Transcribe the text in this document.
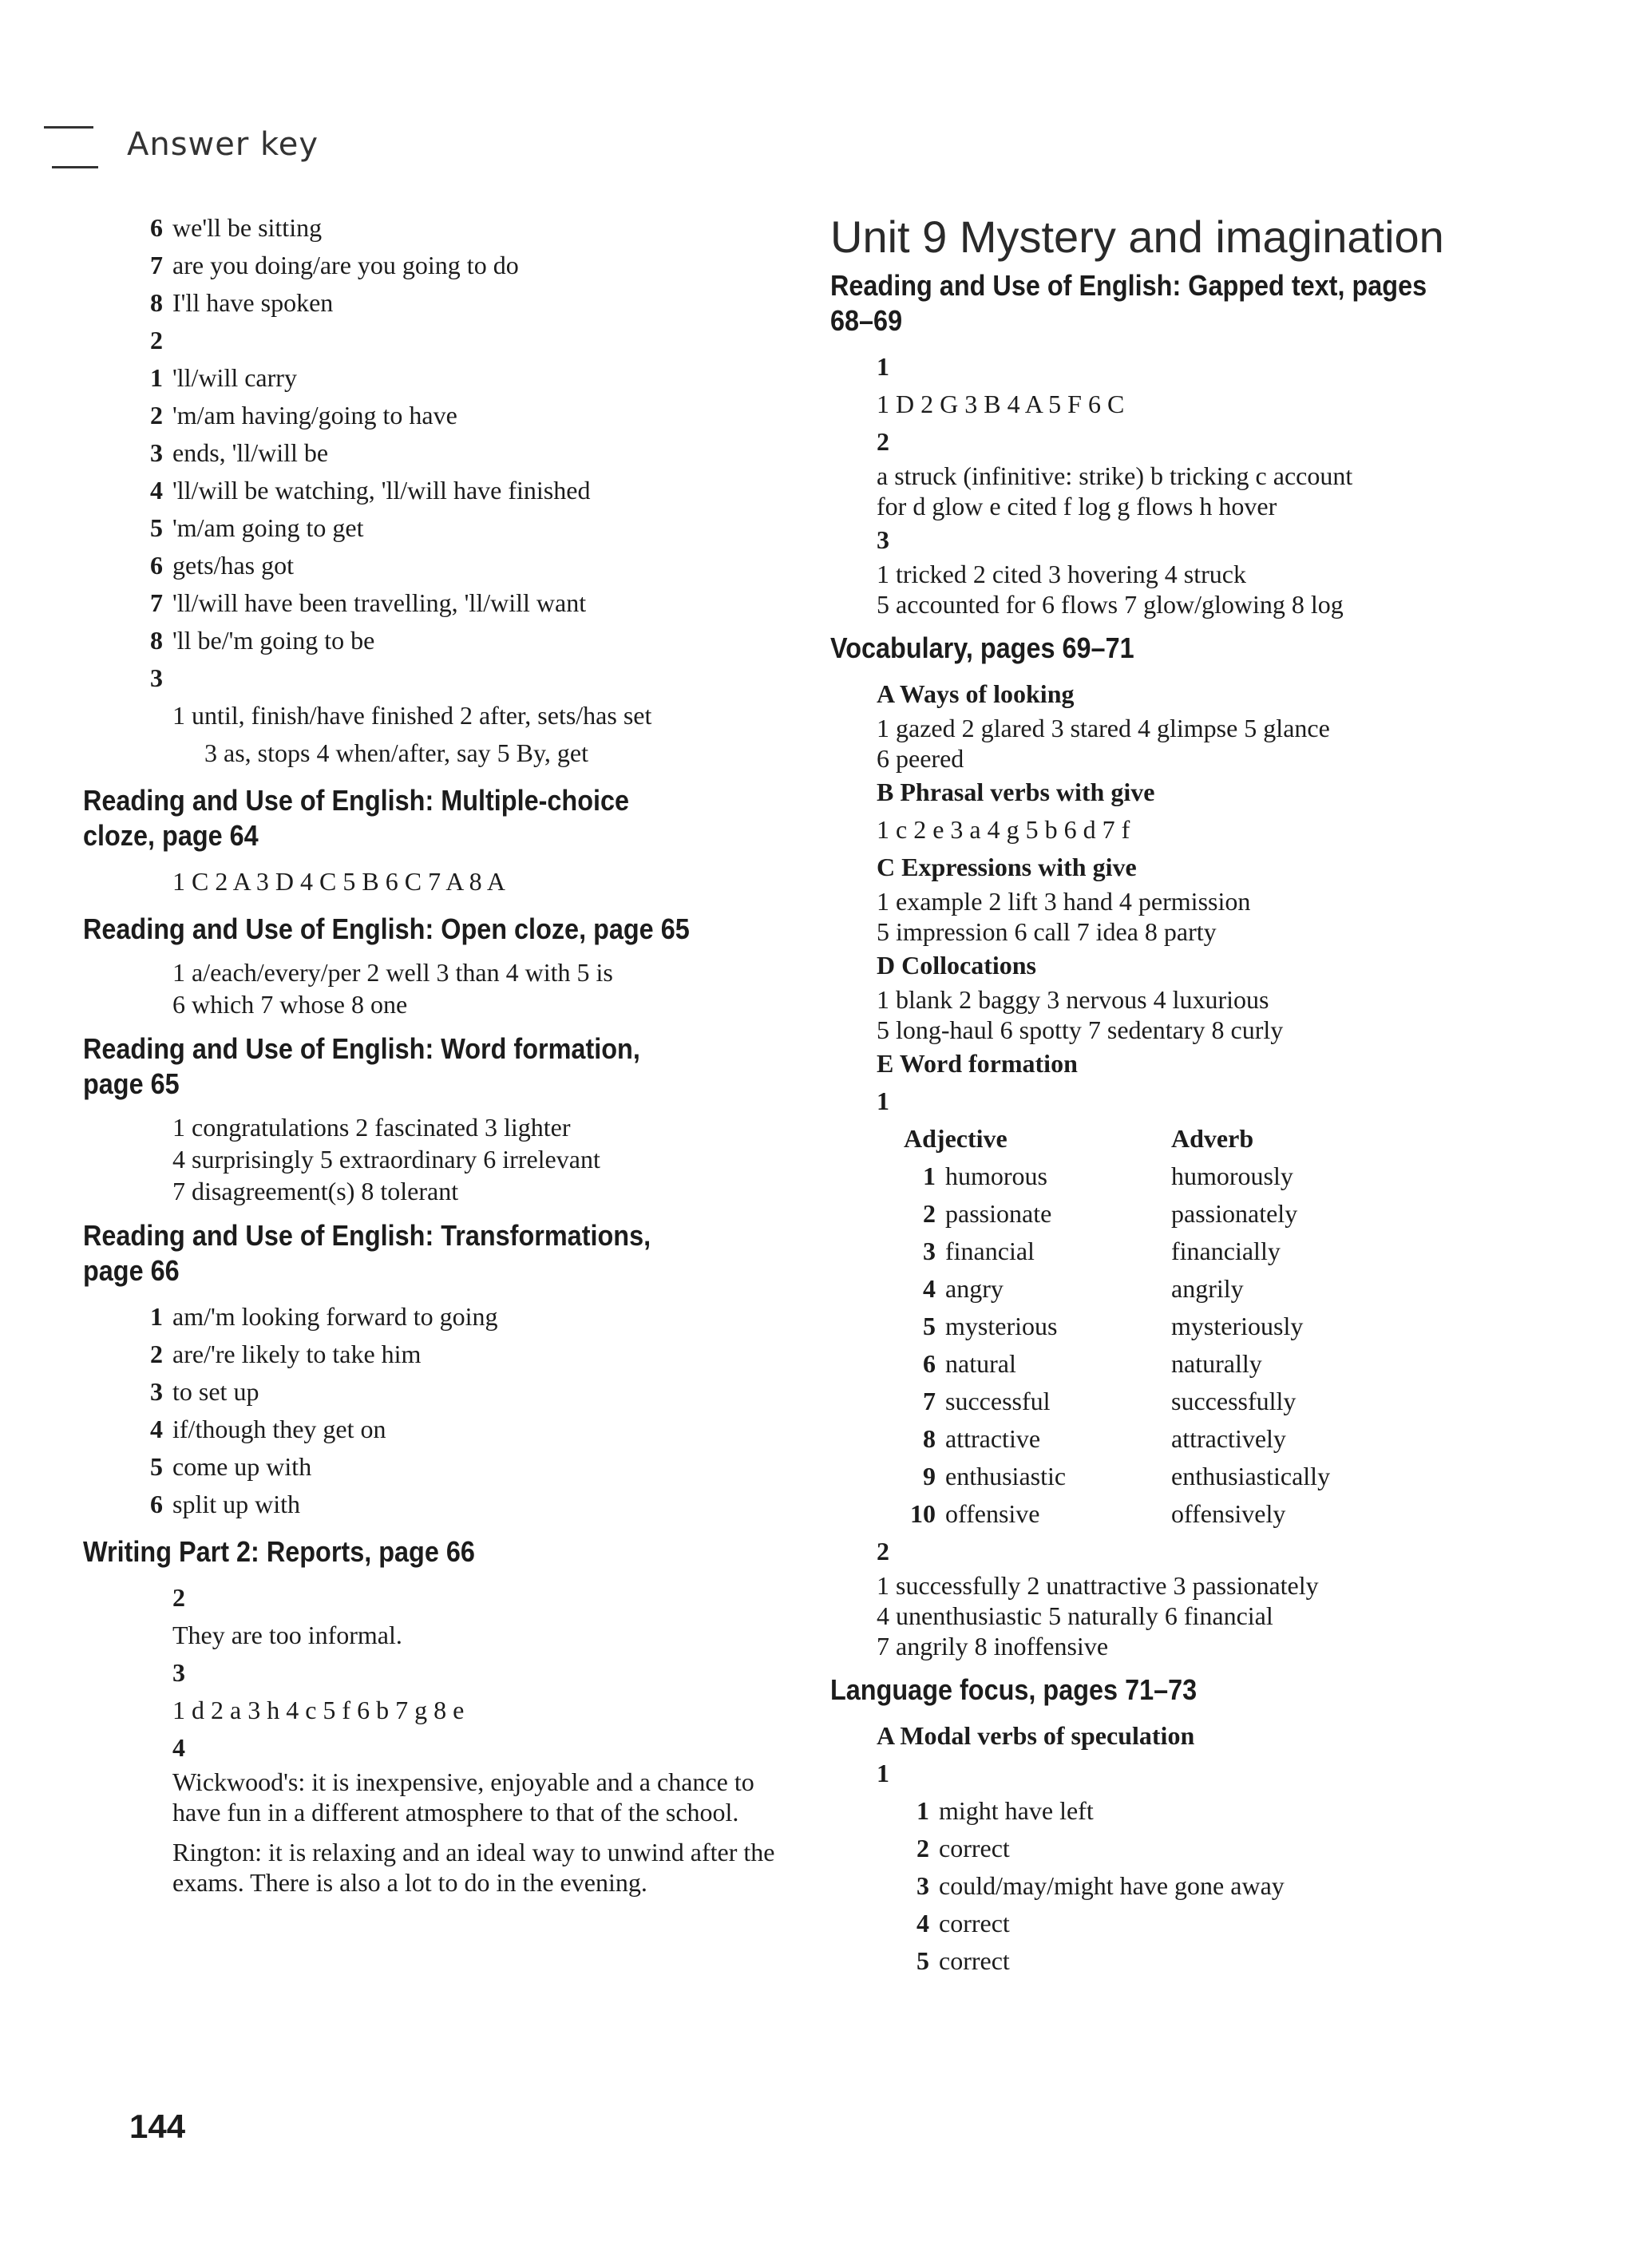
Answer key
6 we'll be sitting
7 are you doing/are you going to do
8 I'll have spoken
2
1 'll/will carry
2 'm/am having/going to have
3 ends, 'll/will be
4 'll/will be watching, 'll/will have finished
5 'm/am going to get
6 gets/has got
7 'll/will have been travelling, 'll/will want
8 'll be/'m going to be
3
1 until, finish/have finished 2 after, sets/has set
3 as, stops 4 when/after, say 5 By, get
Reading and Use of English: Multiple-choice
cloze, page 64
1 C 2 A 3 D 4 C 5 B 6 C 7 A 8 A
Reading and Use of English: Open cloze, page 65
1 a/each/every/per 2 well 3 than 4 with 5 is
6 which 7 whose 8 one
Reading and Use of English: Word formation,
page 65
1 congratulations 2 fascinated 3 lighter
4 surprisingly 5 extraordinary 6 irrelevant
7 disagreement(s) 8 tolerant
Reading and Use of English: Transformations,
page 66
1 am/'m looking forward to going
2 are/'re likely to take him
3 to set up
4 if/though they get on
5 come up with
6 split up with
Writing Part 2: Reports, page 66
2
They are too informal.
3
1 d 2 a 3 h 4 c 5 f 6 b 7 g 8 e
4
Wickwood's: it is inexpensive, enjoyable and a chance to have fun in a different atmosphere to that of the school.
Rington: it is relaxing and an ideal way to unwind after the exams. There is also a lot to do in the evening.
Unit 9 Mystery and imagination
Reading and Use of English: Gapped text, pages
68–69
1
1 D 2 G 3 B 4 A 5 F 6 C
2
a struck (infinitive: strike) b tricking c account
for d glow e cited f log g flows h hover
3
1 tricked 2 cited 3 hovering 4 struck
5 accounted for 6 flows 7 glow/glowing 8 log
Vocabulary, pages 69–71
A Ways of looking
1 gazed 2 glared 3 stared 4 glimpse 5 glance
6 peered
B Phrasal verbs with give
1 c 2 e 3 a 4 g 5 b 6 d 7 f
C Expressions with give
1 example 2 lift 3 hand 4 permission
5 impression 6 call 7 idea 8 party
D Collocations
1 blank 2 baggy 3 nervous 4 luxurious
5 long-haul 6 spotty 7 sedentary 8 curly
E Word formation
1
Adjective	Adverb
1 humorous	humorously
2 passionate	passionately
3 financial	financially
4 angry	angrily
5 mysterious	mysteriously
6 natural	naturally
7 successful	successfully
8 attractive	attractively
9 enthusiastic	enthusiastically
10 offensive	offensively
2
1 successfully 2 unattractive 3 passionately
4 unenthusiastic 5 naturally 6 financial
7 angrily 8 inoffensive
Language focus, pages 71–73
A Modal verbs of speculation
1
1 might have left
2 correct
3 could/may/might have gone away
4 correct
5 correct
144
